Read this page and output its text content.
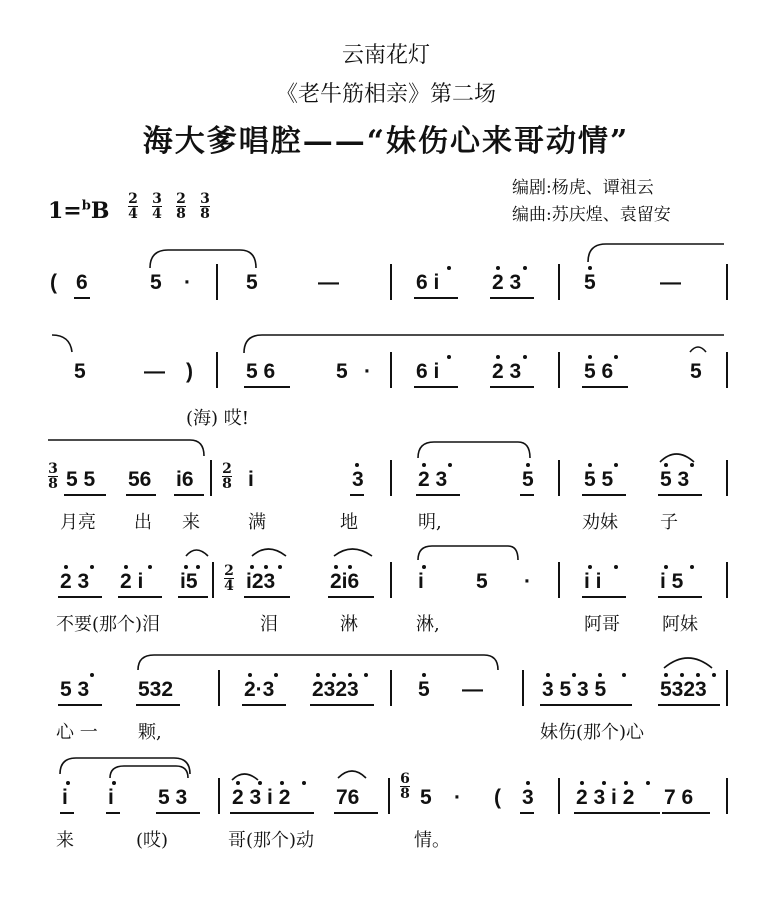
云南花灯
《老牛筋相亲》第二场
海大爹唱腔——“妹伤心来哥动情”
编剧:杨虎、谭祖云
编曲:苏庆煌、袁留安
1=$^b$B 2
4
3
4
2
8
3
8
( 6	5 ·	5	—	6 i	2 3	5	—
5	— )	5 6	5 · 6 i	2 3	5 6	5
(海) 哎!
3
8 5 5 56 i6 2
8 i	3	2 3	5 5 5 5 3
月亮 出 来	满	地	明,	劝妹 子
2 3 2 i i5 2
4 i23	2i6	i 5 ·	i i	i 5
不要(那个)泪	泪	淋	淋,	阿哥 阿妹
5 3 532	2·3 2323	5 —	3 5 3 5	5323
心 一 颗,	妹伤(那个)心
i i 5 3 2 3 i 2 76
6
8 5 · ( 3 2 3 i 2 7 6
来	(哎)	哥(那个)动	情。
